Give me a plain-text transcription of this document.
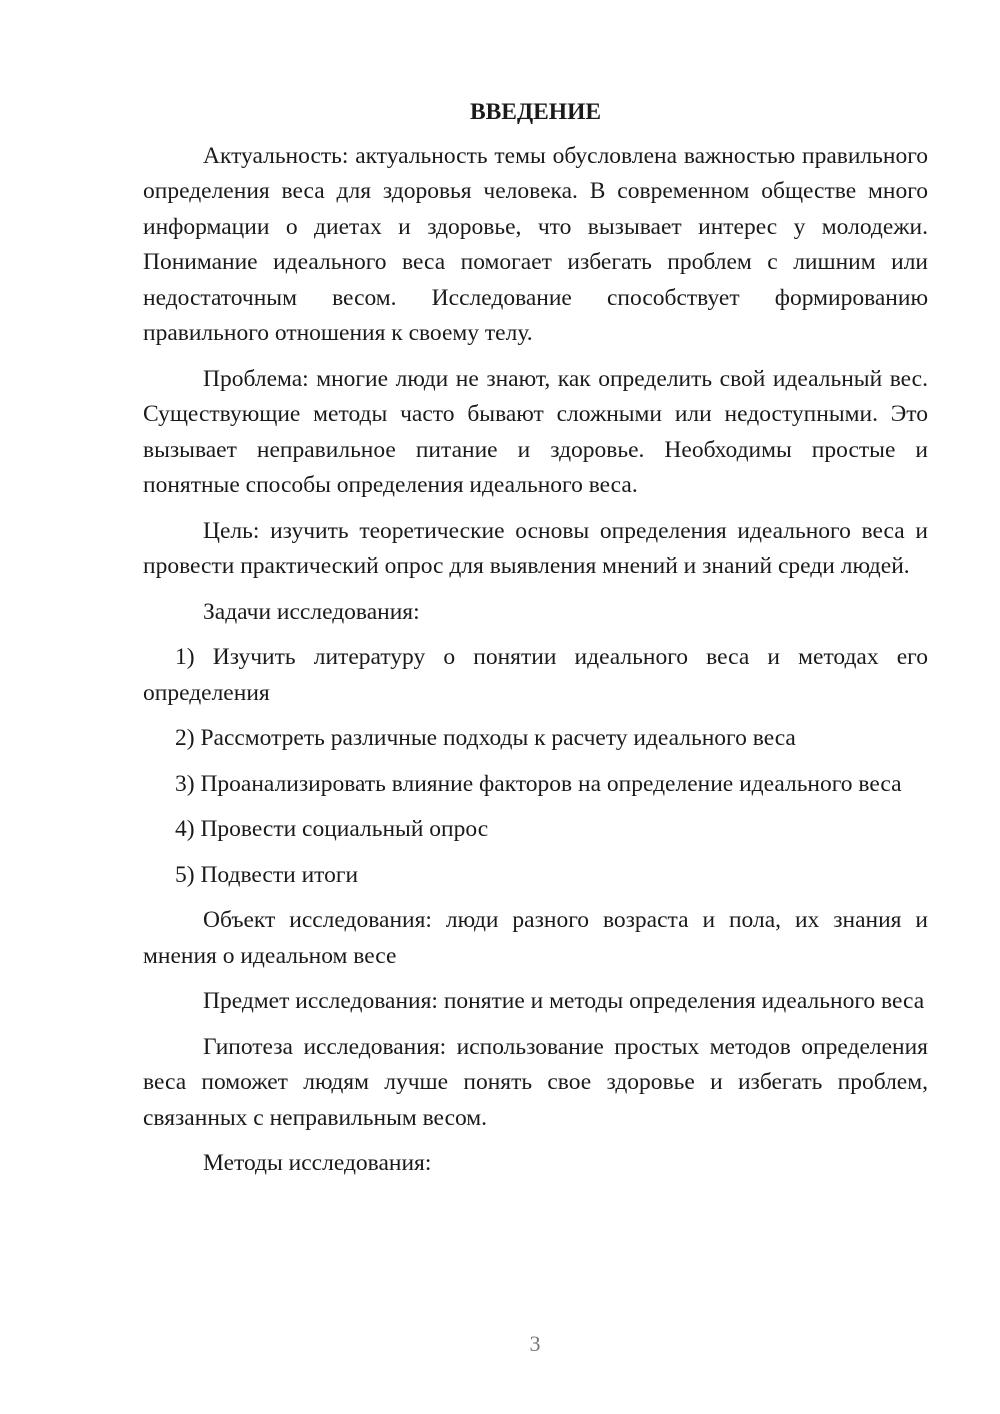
ВВЕДЕНИЕ

Актуальность: актуальность темы обусловлена важностью правильного определения веса для здоровья человека. В современном обществе много информации о диетах и здоровье, что вызывает интерес у молодежи. Понимание идеального веса помогает избегать проблем с лишним или недостаточным весом. Исследование способствует формированию правильного отношения к своему телу.

Проблема: многие люди не знают, как определить свой идеальный вес. Существующие методы часто бывают сложными или недоступными. Это вызывает неправильное питание и здоровье. Необходимы простые и понятные способы определения идеального веса.

Цель: изучить теоретические основы определения идеального веса и провести практический опрос для выявления мнений и знаний среди людей.

Задачи исследования:

1) Изучить литературу о понятии идеального веса и методах его определения

2) Рассмотреть различные подходы к расчету идеального веса

3) Проанализировать влияние факторов на определение идеального веса

4) Провести социальный опрос

5) Подвести итоги

Объект исследования: люди разного возраста и пола, их знания и мнения о идеальном весе

Предмет исследования: понятие и методы определения идеального веса

Гипотеза исследования: использование простых методов определения веса поможет людям лучше понять свое здоровье и избегать проблем, связанных с неправильным весом.

Методы исследования:

3
